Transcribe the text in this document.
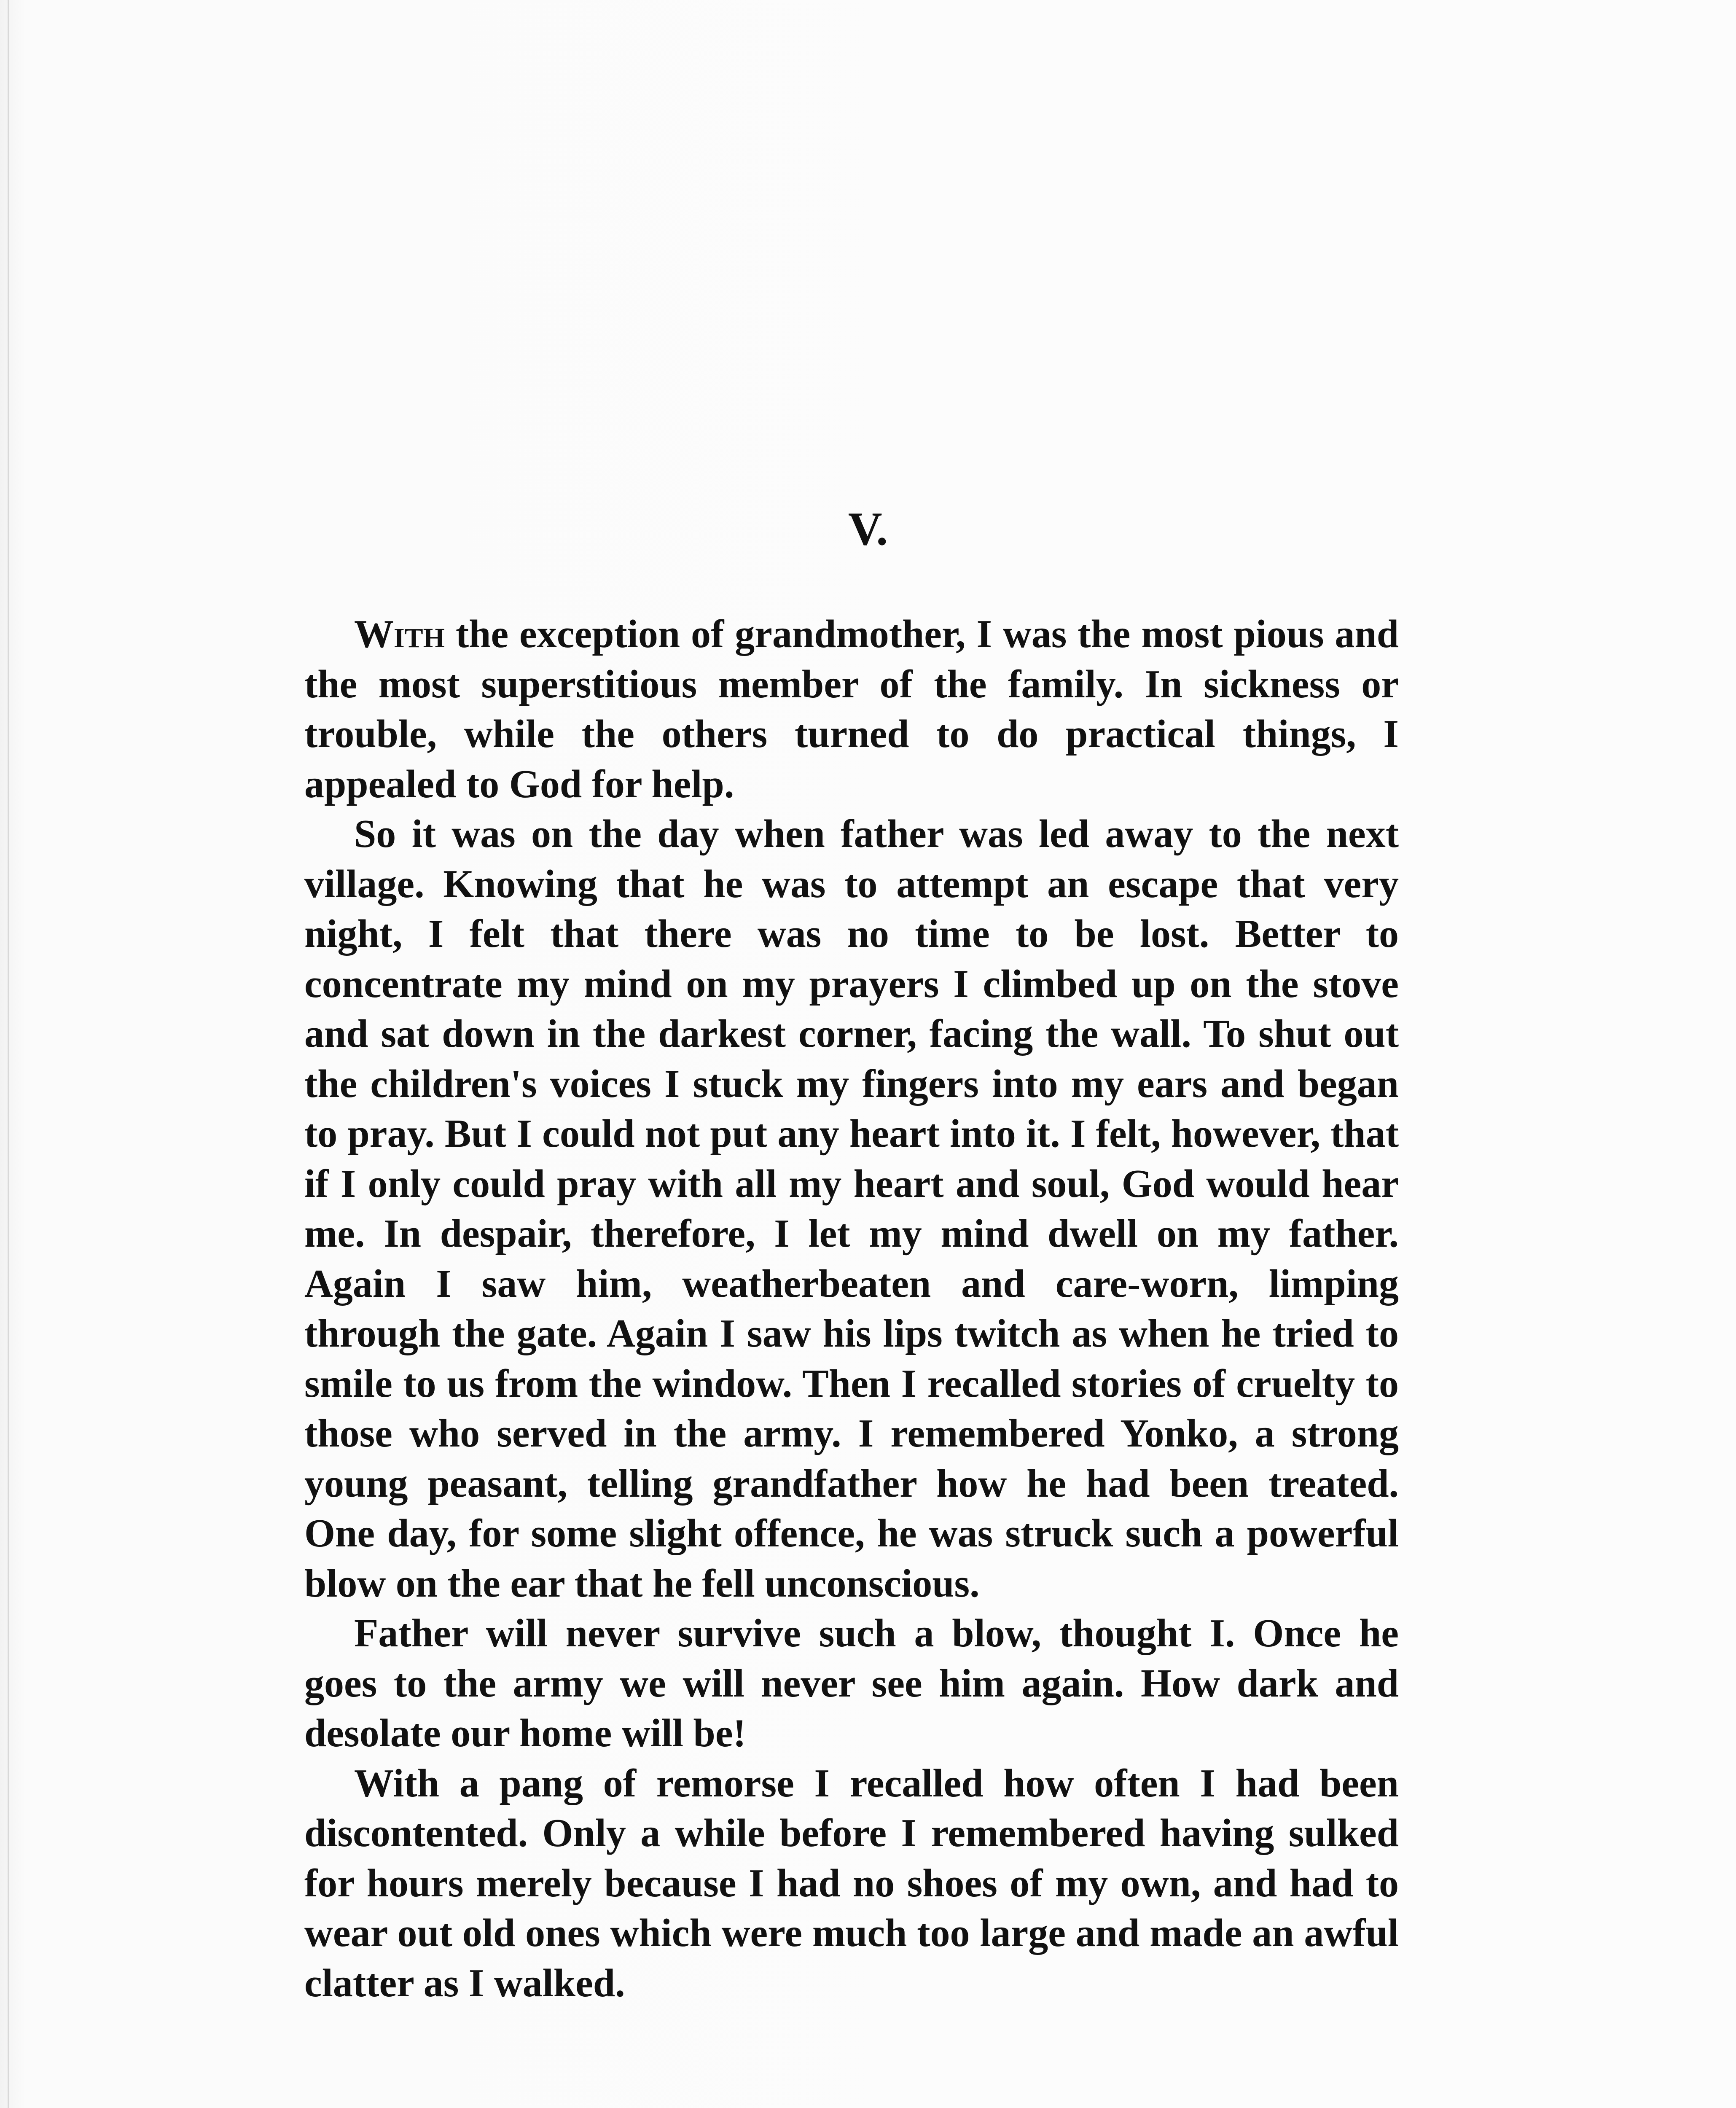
V.

With the exception of grandmother, I was the most pious and the most superstitious member of the family. In sickness or trouble, while the others turned to do practical things, I appealed to God for help.

So it was on the day when father was led away to the next village. Knowing that he was to attempt an escape that very night, I felt that there was no time to be lost. Better to concentrate my mind on my prayers I climbed up on the stove and sat down in the darkest corner, facing the wall. To shut out the children's voices I stuck my fingers into my ears and began to pray. But I could not put any heart into it. I felt, however, that if I only could pray with all my heart and soul, God would hear me. In despair, therefore, I let my mind dwell on my father. Again I saw him, weatherbeaten and care-worn, limping through the gate. Again I saw his lips twitch as when he tried to smile to us from the window. Then I recalled stories of cruelty to those who served in the army. I remembered Yonko, a strong young peasant, telling grandfather how he had been treated. One day, for some slight offence, he was struck such a powerful blow on the ear that he fell unconscious.

Father will never survive such a blow, thought I. Once he goes to the army we will never see him again. How dark and desolate our home will be!

With a pang of remorse I recalled how often I had been discontented. Only a while before I remembered having sulked for hours merely because I had no shoes of my own, and had to wear out old ones which were much too large and made an awful clatter as I walked.
